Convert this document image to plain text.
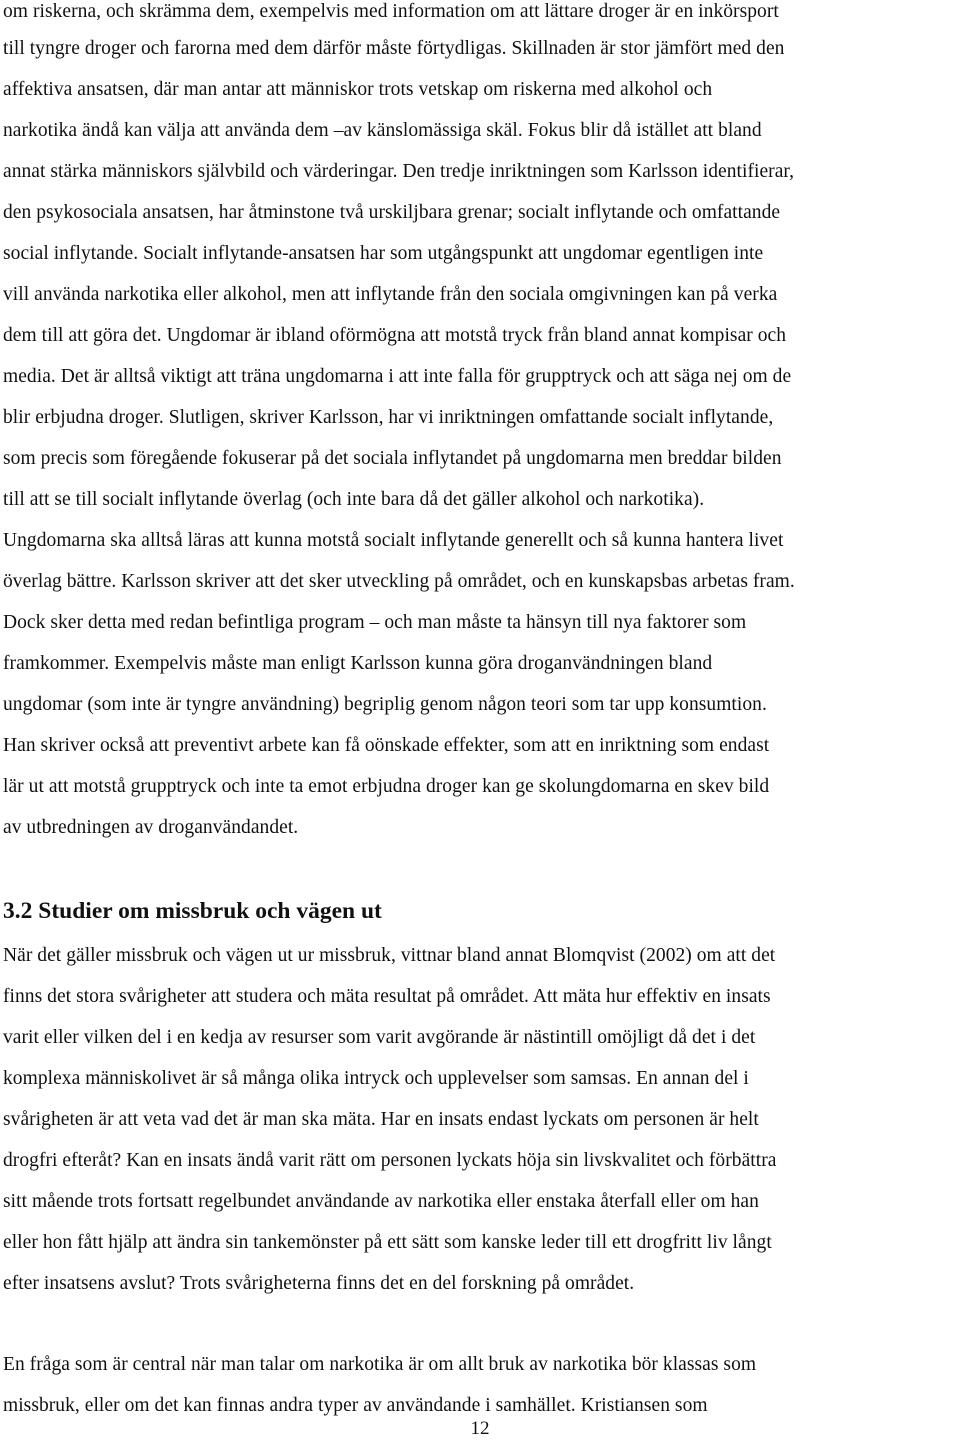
om riskerna, och skrämma dem, exempelvis med information om att lättare droger är en inkörsport
till tyngre droger och farorna med dem därför måste förtydligas. Skillnaden är stor jämfört med den
affektiva ansatsen, där man antar att människor trots vetskap om riskerna med alkohol och
narkotika ändå kan välja att använda dem –av känslomässiga skäl. Fokus blir då istället att bland
annat stärka människors självbild och värderingar. Den tredje inriktningen som Karlsson identifierar,
den psykosociala ansatsen, har åtminstone två urskiljbara grenar; socialt inflytande och omfattande
social inflytande. Socialt inflytande-ansatsen har som utgångspunkt att ungdomar egentligen inte
vill använda narkotika eller alkohol, men att inflytande från den sociala omgivningen kan på verka
dem till att göra det. Ungdomar är ibland oförmögna att motstå tryck från bland annat kompisar och
media. Det är alltså viktigt att träna ungdomarna i att inte falla för grupptryck och att säga nej om de
blir erbjudna droger. Slutligen, skriver Karlsson, har vi inriktningen omfattande socialt inflytande,
som precis som föregående fokuserar på det sociala inflytandet på ungdomarna men breddar bilden
till att se till socialt inflytande överlag (och inte bara då det gäller alkohol och narkotika).
Ungdomarna ska alltså läras att kunna motstå socialt inflytande generellt och så kunna hantera livet
överlag bättre. Karlsson skriver att det sker utveckling på området, och en kunskapsbas arbetas fram.
Dock sker detta med redan befintliga program – och man måste ta hänsyn till nya faktorer som
framkommer. Exempelvis måste man enligt Karlsson kunna göra droganvändningen bland
ungdomar (som inte är tyngre användning) begriplig genom någon teori som tar upp konsumtion.
Han skriver också att preventivt arbete kan få oönskade effekter, som att en inriktning som endast
lär ut att motstå grupptryck och inte ta emot erbjudna droger kan ge skolungdomarna en skev bild
av utbredningen av droganvändandet.
3.2 Studier om missbruk och vägen ut
När det gäller missbruk och vägen ut ur missbruk, vittnar bland annat Blomqvist (2002) om att det
finns det stora svårigheter att studera och mäta resultat på området. Att mäta hur effektiv en insats
varit eller vilken del i en kedja av resurser som varit avgörande är nästintill omöjligt då det i det
komplexa människolivet är så många olika intryck och upplevelser som samsas. En annan del i
svårigheten är att veta vad det är man ska mäta. Har en insats endast lyckats om personen är helt
drogfri efteråt? Kan en insats ändå varit rätt om personen lyckats höja sin livskvalitet och förbättra
sitt mående trots fortsatt regelbundet användande av narkotika eller enstaka återfall eller om han
eller hon fått hjälp att ändra sin tankemönster på ett sätt som kanske leder till ett drogfritt liv långt
efter insatsens avslut? Trots svårigheterna finns det en del forskning på området.
En fråga som är central när man talar om narkotika är om allt bruk av narkotika bör klassas som
missbruk, eller om det kan finnas andra typer av användande i samhället. Kristiansen som
12
